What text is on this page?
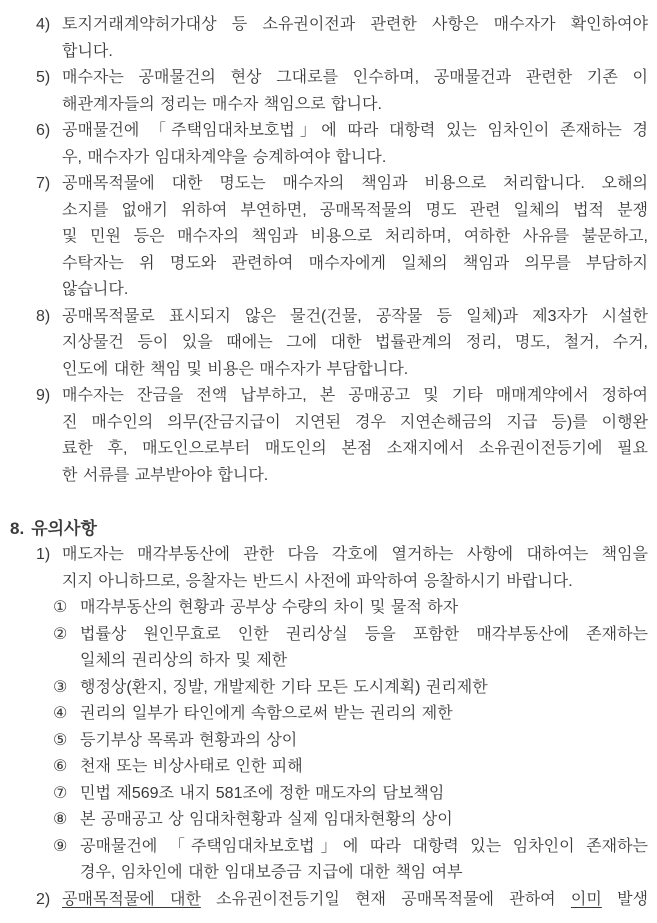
4) 토지거래계약허가대상 등 소유권이전과 관련한 사항은 매수자가 확인하여야
합니다.
5) 매수자는 공매물건의 현상 그대로를 인수하며, 공매물건과 관련한 기존 이
해관계자들의 정리는 매수자 책임으로 합니다.
6) 공매물건에 「주택임대차보호법」에 따라 대항력 있는 임차인이 존재하는 경
우, 매수자가 임대차계약을 승계하여야 합니다.
7) 공매목적물에 대한 명도는 매수자의 책임과 비용으로 처리합니다. 오해의
소지를 없애기 위하여 부연하면, 공매목적물의 명도 관련 일체의 법적 분쟁
및 민원 등은 매수자의 책임과 비용으로 처리하며, 여하한 사유를 불문하고,
수탁자는 위 명도와 관련하여 매수자에게 일체의 책임과 의무를 부담하지
않습니다.
8) 공매목적물로 표시되지 않은 물건(건물, 공작물 등 일체)과 제3자가 시설한
지상물건 등이 있을 때에는 그에 대한 법률관계의 정리, 명도, 철거, 수거,
인도에 대한 책임 및 비용은 매수자가 부담합니다.
9) 매수자는 잔금을 전액 납부하고, 본 공매공고 및 기타 매매계약에서 정하여
진 매수인의 의무(잔금지급이 지연된 경우 지연손해금의 지급 등)를 이행완
료한 후, 매도인으로부터 매도인의 본점 소재지에서 소유권이전등기에 필요
한 서류를 교부받아야 합니다.
8. 유의사항
1) 매도자는 매각부동산에 관한 다음 각호에 열거하는 사항에 대하여는 책임을
지지 아니하므로, 응찰자는 반드시 사전에 파악하여 응찰하시기 바랍니다.
① 매각부동산의 현황과 공부상 수량의 차이 및 물적 하자
② 법률상 원인무효로 인한 권리상실 등을 포함한 매각부동산에 존재하는
일체의 권리상의 하자 및 제한
③ 행정상(환지, 징발, 개발제한 기타 모든 도시계획) 권리제한
④ 권리의 일부가 타인에게 속함으로써 받는 권리의 제한
⑤ 등기부상 목록과 현황과의 상이
⑥ 천재 또는 비상사태로 인한 피해
⑦ 민법 제569조 내지 581조에 정한 매도자의 담보책임
⑧ 본 공매공고 상 임대차현황과 실제 임대차현황의 상이
⑨ 공매물건에 「주택임대차보호법」에 따라 대항력 있는 임차인이 존재하는
경우, 임차인에 대한 임대보증금 지급에 대한 책임 여부
2) 공매목적물에 대한 소유권이전등기일 현재 공매목적물에 관하여 이미 발생
